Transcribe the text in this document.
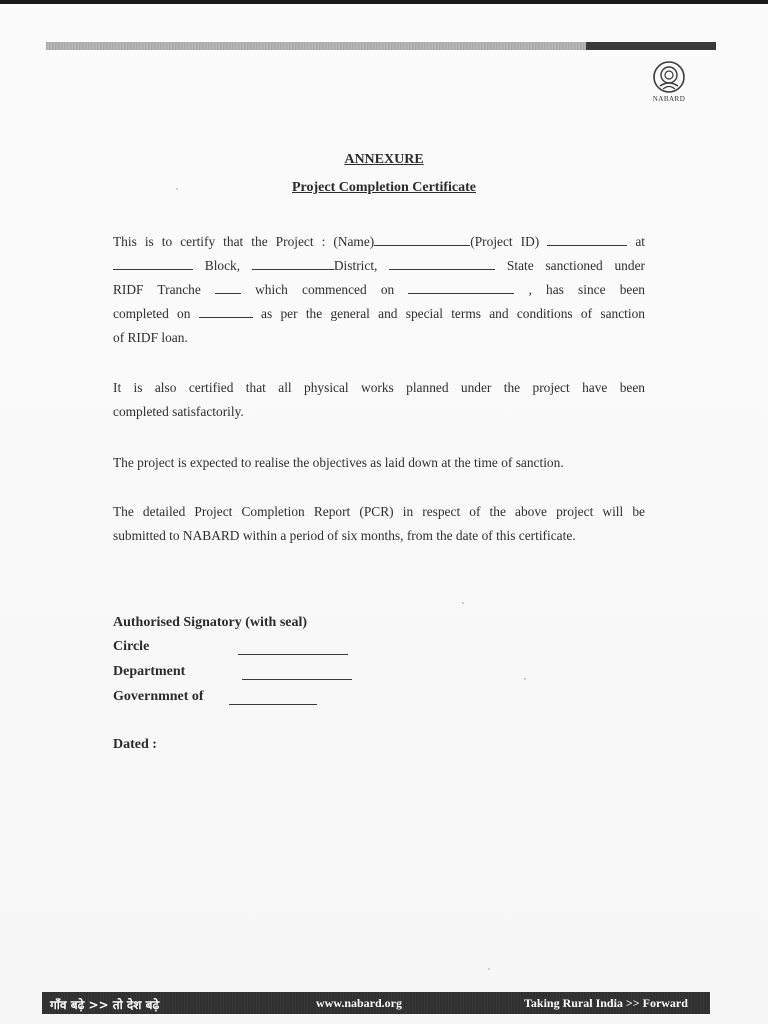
NABARD
ANNEXURE
Project Completion Certificate
This is to certify that the Project : (Name)	(Project ID)	at
Block,	District,	State sanctioned under
RIDF Tranche	which commenced on	, has since been
completed on	as per the general and special terms and conditions of sanction
of RIDF loan.
It is also certified that all physical works planned under the project have been
completed satisfactorily.
The project is expected to realise the objectives as laid down at the time of sanction.
The detailed Project Completion Report (PCR) in respect of the above project will be
submitted to NABARD within a period of six months, from the date of this certificate.
Authorised Signatory (with seal)
Circle
Department
Governmnet of
Dated :
गाँव बढ़े >> तो देश बढ़े	www.nabard.org	Taking Rural India >> Forward
